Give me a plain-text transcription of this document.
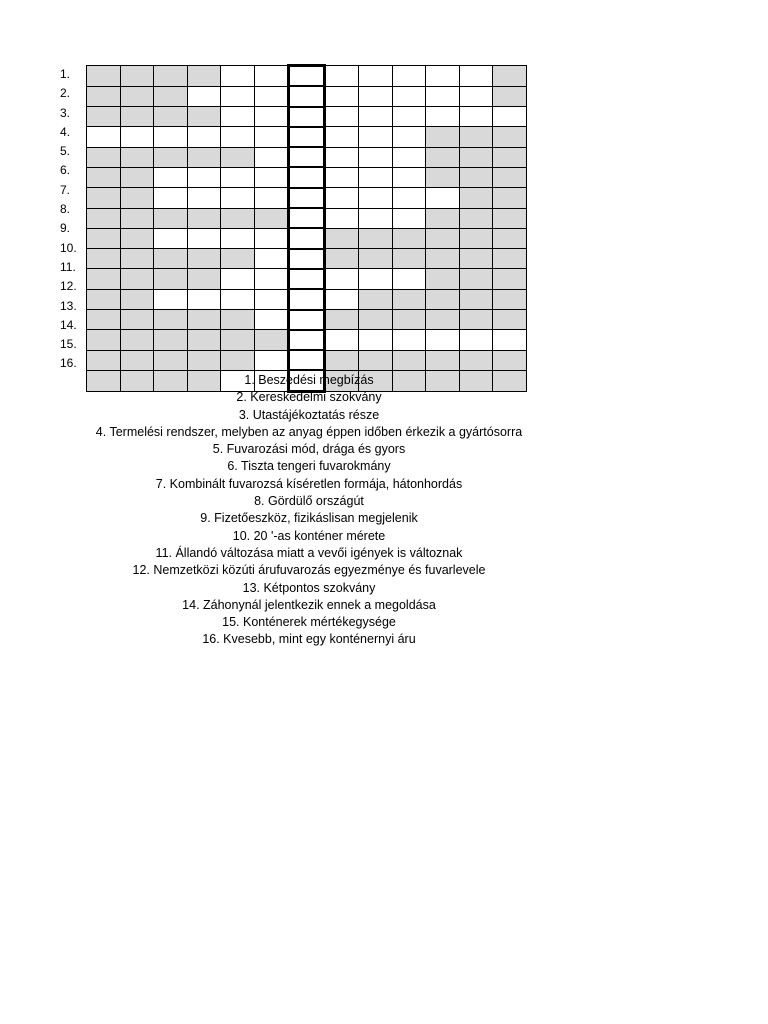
1.
2.
3.
4.
5.
6.
7.
8.
9.
10.
11.
12.
13.
14.
15.
16.

1. Beszedési megbízás
2. Kereskedelmi szokvány
3. Utastájékoztatás része
4. Termelési rendszer, melyben az anyag éppen időben érkezik a gyártósorra
5. Fuvarozási mód, drága és gyors
6. Tiszta tengeri fuvarokmány
7. Kombinált fuvarozsá kíséretlen formája, hátonhordás
8. Gördülő országút
9. Fizetőeszköz, fizikáslisan megjelenik
10. 20 '-as konténer mérete
11. Állandó változása miatt a vevői igények is változnak
12. Nemzetközi közúti árufuvarozás egyezménye és fuvarlevele
13. Kétpontos szokvány
14. Záhonynál jelentkezik ennek a megoldása
15. Konténerek mértékegysége
16. Kvesebb, mint egy konténernyi áru
